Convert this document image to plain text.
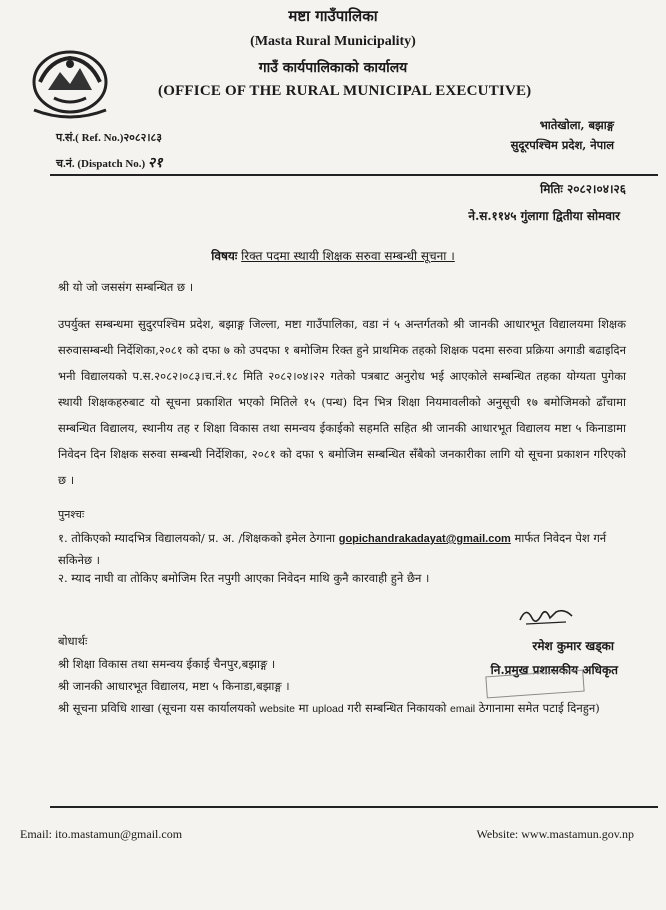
मष्टा गाउँपालिका
(Masta Rural Municipality)
गाउँ कार्यपालिकाको कार्यालय
(OFFICE OF THE RURAL MUNICIPAL EXECUTIVE)
प.सं.( Ref. No.)२०८२।८३
च.नं. (Dispatch No.) २१
भातेखोला, बझाङ्ग
सुदूरपश्चिम प्रदेश, नेपाल
मितिः २०८२।०४।२६
ने.स.११४५ गुंलागा द्वितीया सोमवार
विषयः रिक्त पदमा स्थायी शिक्षक सरुवा सम्बन्धी सूचना ।
श्री यो जो जससंग सम्बन्धित छ ।
उपर्युक्त सम्बन्धमा सुदुरपश्चिम प्रदेश, बझाङ्ग जिल्ला, मष्टा गाउँपालिका, वडा नं ५ अन्तर्गतको श्री जानकी आधारभूत विद्यालयमा शिक्षक सरुवासम्बन्धी निर्देशिका,२०८१ को दफा ७ को उपदफा १ बमोजिम रिक्त हुने प्राथमिक तहको शिक्षक पदमा सरुवा प्रक्रिया अगाडी बढाइदिन भनी विद्यालयको प.स.२०८२।०८३।च.नं.१८ मिति २०८२।०४।२२ गतेको पत्रबाट अनुरोध भई आएकोले सम्बन्धित तहका योग्यता पुगेका स्थायी शिक्षकहरुबाट यो सूचना प्रकाशित भएको मितिले १५ (पन्ध) दिन भित्र शिक्षा नियमावलीको अनुसूची १७ बमोजिमको ढाँचामा सम्बन्धित विद्यालय, स्थानीय तह र शिक्षा विकास तथा समन्वय ईकाईको सहमति सहित श्री जानकी आधारभूत विद्यालय मष्टा ५ किनाडामा निवेदन दिन शिक्षक सरुवा सम्बन्धी निर्देशिका, २०८१ को दफा ९ बमोजिम सम्बन्धित सँबैको जनकारीका लागि यो सूचना प्रकाशन गरिएको छ ।
पुनश्चः
१. तोकिएको म्यादभित्र विद्यालयको/ प्र. अ. /शिक्षकको इमेल ठेगाना gopichandrakadayat@gmail.com मार्फत निवेदन पेश गर्न सकिनेछ ।
२. म्याद नाघी वा तोकिए बमोजिम रित नपुगी आएका निवेदन माथि कुनै कारवाही हुने छैन ।
रमेश कुमार खड्का
नि.प्रमुख प्रशासकीय अधिकृत
बोधार्थः
श्री शिक्षा विकास तथा समन्वय ईकाई चैनपुर,बझाङ्ग ।
श्री जानकी आधारभूत विद्यालय, मष्टा ५ किनाडा,बझाङ्ग ।
श्री सूचना प्रविधि शाखा (सूचना यस कार्यालयको website मा upload गरी सम्बन्धित निकायको email ठेगानामा समेत पटाई दिनहुन)
Email: ito.mastamun@gmail.com	Website: www.mastamun.gov.np
